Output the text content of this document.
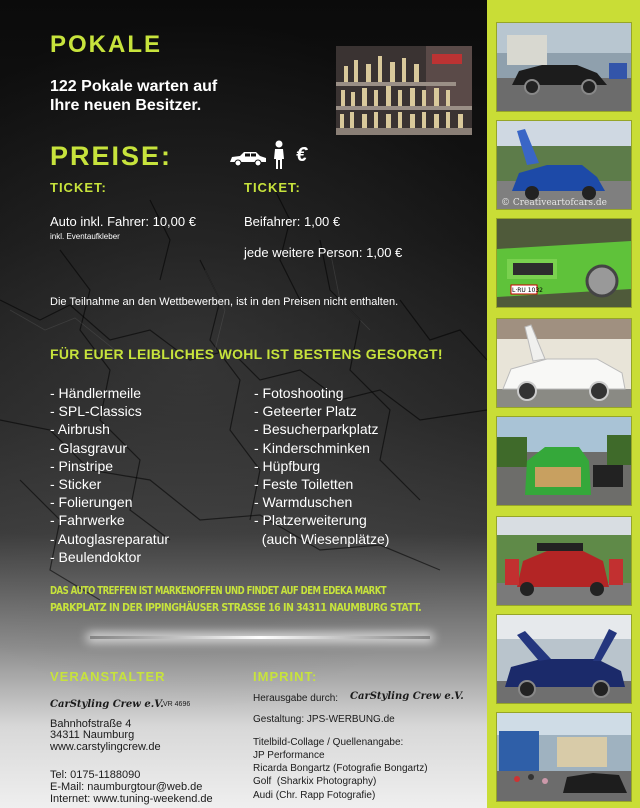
POKALE
122 Pokale warten auf
Ihre neuen Besitzer.
PREISE:	€
TICKET:	TICKET:
Auto inkl. Fahrer: 10,00 €
inkl. Eventaufkleber
Beifahrer: 1,00 €
jede weitere Person: 1,00 €
Die Teilnahme an den Wettbewerben, ist in den Preisen nicht enthalten.
FÜR EUER LEIBLICHES WOHL IST BESTENS GESORGT!
- Händlermeile
- SPL-Classics
- Airbrush
- Glasgravur
- Pinstripe
- Sticker
- Folierungen
- Fahrwerke
- Autoglasreparatur
- Beulendoktor
- Fotoshooting
- Geteerter Platz
- Besucherparkplatz
- Kinderschminken
- Hüpfburg
- Feste Toiletten
- Warmduschen
- Platzerweiterung
(auch Wiesenplätze)
DAS AUTO TREFFEN IST MARKENOFFEN UND FINDET AUF DEM EDEKA MARKT
PARKPLATZ IN DER IPPINGHÄUSER STRASSE 16 IN 34311 NAUMBURG STATT.
VERANSTALTER
CarStyling Crew e.V. VR 4696
Bahnhofstraße 4
34311 Naumburg
www.carstylingcrew.de
Tel: 0175-1188090
E-Mail: naumburgtour@web.de
Internet: www.tuning-weekend.de
IMPRINT:
Herausgabe durch: CarStyling Crew e.V.
Gestaltung: JPS-WERBUNG.de
Titelbild-Collage / Quellenangabe:
JP Performance
Ricarda Bongartz (Fotografie Bongartz)
Golf  (Sharkix Photography)
Audi (Chr. Rapp Fotografie)
© Creativeartofcars.de
L·RU 1032
